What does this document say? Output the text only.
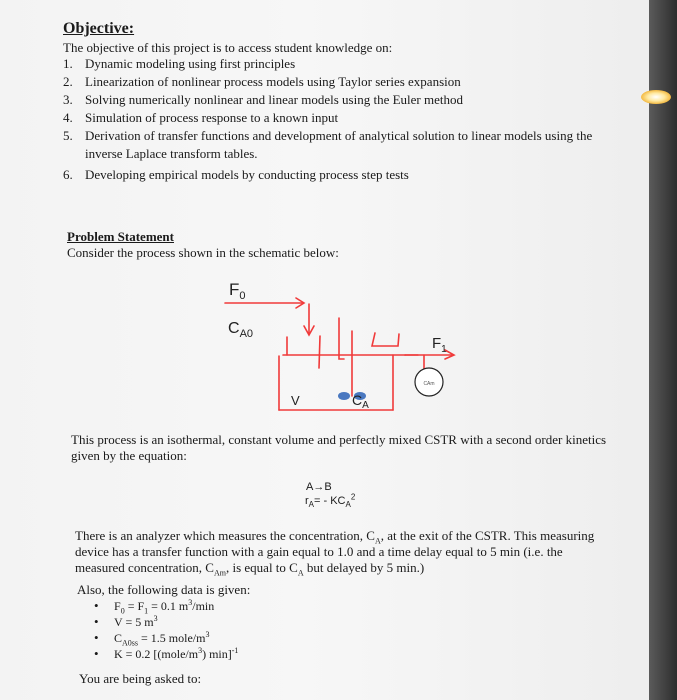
Objective:

The objective of this project is to access student knowledge on:

1. Dynamic modeling using first principles
2. Linearization of nonlinear process models using Taylor series expansion
3. Solving numerically nonlinear and linear models using the Euler method
4. Simulation of process response to a known input
5. Derivation of transfer functions and development of analytical solution to linear models using the inverse Laplace transform tables.
6. Developing empirical models by conducting process step tests
Problem Statement

Consider the process shown in the schematic below:

CAm
$F_0$
$C_{A0}$
$F_1$
V	$C_A$

This process is an isothermal, constant volume and perfectly mixed CSTR with a second order kinetics given by the equation:

A→B
$r_A= - KC_A^2$

There is an analyzer which measures the concentration, $C_A$, at the exit of the CSTR. This measuring device has a transfer function with a gain equal to 1.0 and a time delay equal to 5 min (i.e. the measured concentration, $C_{Am}$, is equal to $C_A$ but delayed by 5 min.)

Also, the following data is given:

• $F_0 = F_1 = 0.1$ $m^3/\min$
• V = 5 $m^3$
• $C_{A0ss} = 1.5$ mole/$m^3$
• K = 0.2 [$(mole/m^3)$ min]$^{-1}$

You are being asked to:
